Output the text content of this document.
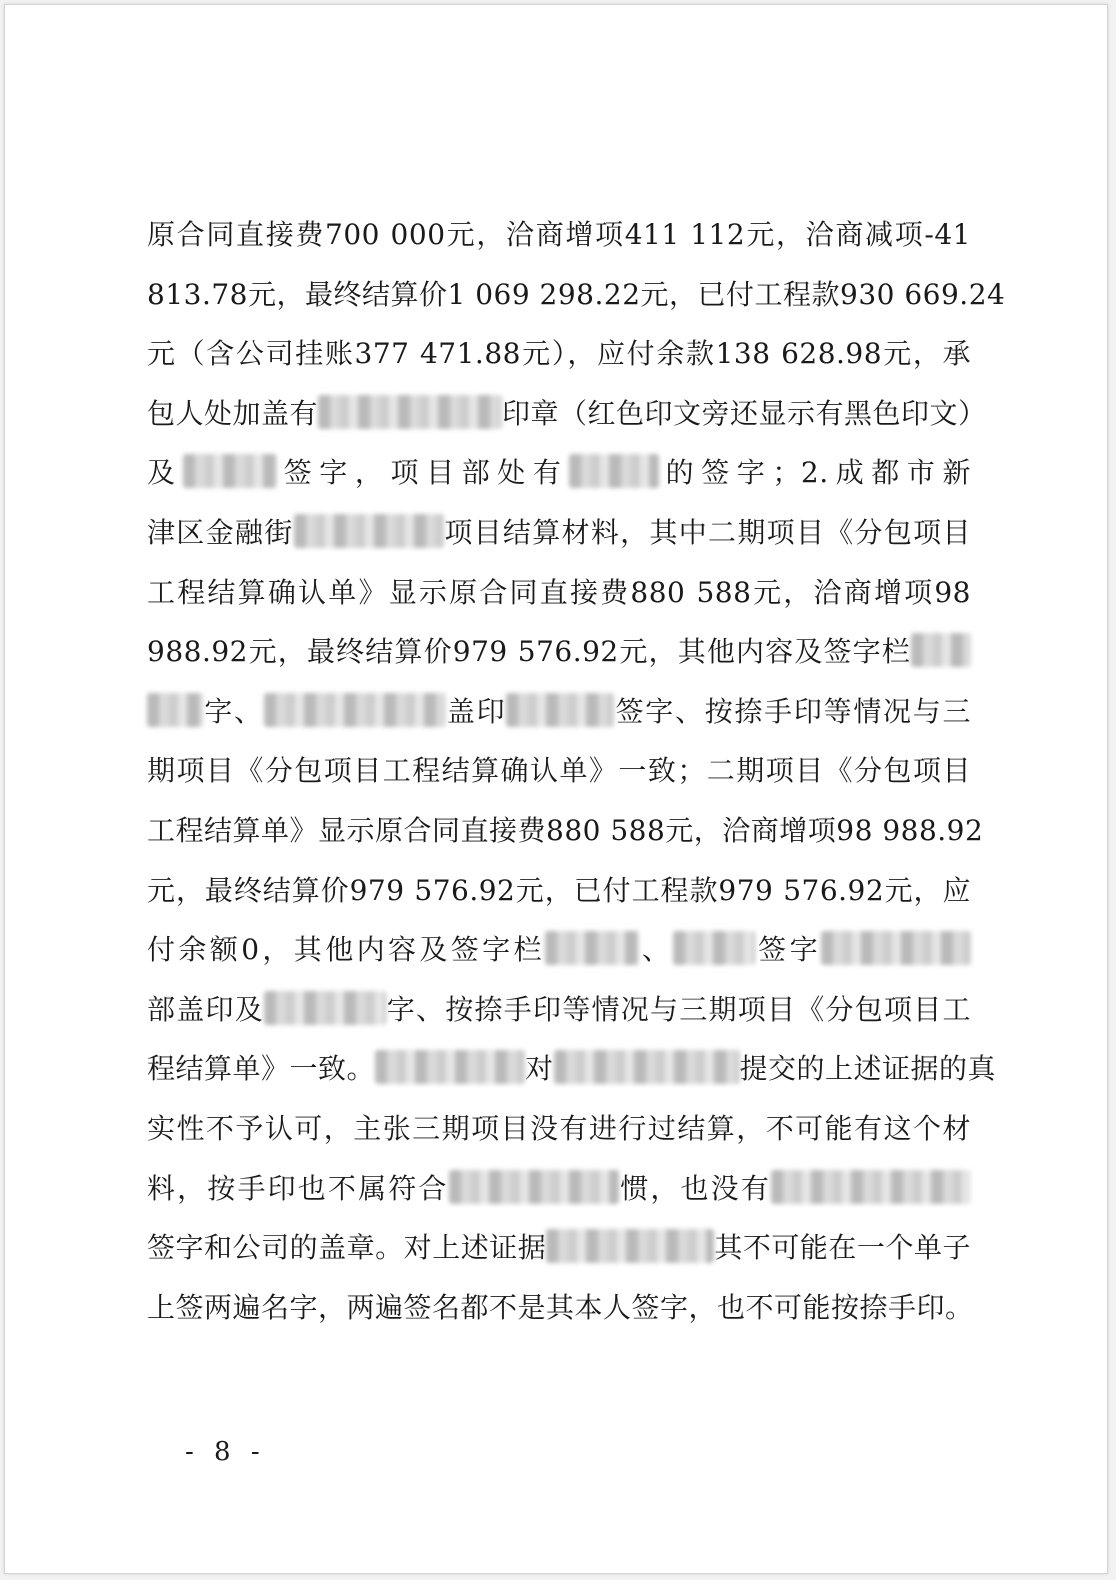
原合同直接费700 000元，洽商增项411 112元，洽商减项-41
813.78元，最终结算价1 069 298.22元，已付工程款930 669.24
元（含公司挂账377 471.88元），应付余款138 628.98元，承
包人处加盖有	印章（红色印文旁还显示有黑色印文）
及	签字，项目部处有	的签字；2.成都市新
津区金融街	项目结算材料，其中二期项目《分包项目
工程结算确认单》显示原合同直接费880 588元，洽商增项98
988.92元，最终结算价979 576.92元，其他内容及签字栏
字、	盖印	签字、按捺手印等情况与三
期项目《分包项目工程结算确认单》一致；二期项目《分包项目
工程结算单》显示原合同直接费880 588元，洽商增项98 988.92
元，最终结算价979 576.92元，已付工程款979 576.92元，应
付余额0，其他内容及签字栏	、	签字
部盖印及	字、按捺手印等情况与三期项目《分包项目工
程结算单》一致。	对	提交的上述证据的真
实性不予认可，主张三期项目没有进行过结算，不可能有这个材
料，按手印也不属符合	惯，也没有
签字和公司的盖章。对上述证据	其不可能在一个单子
上签两遍名字，两遍签名都不是其本人签字，也不可能按捺手印。
- 8 -
